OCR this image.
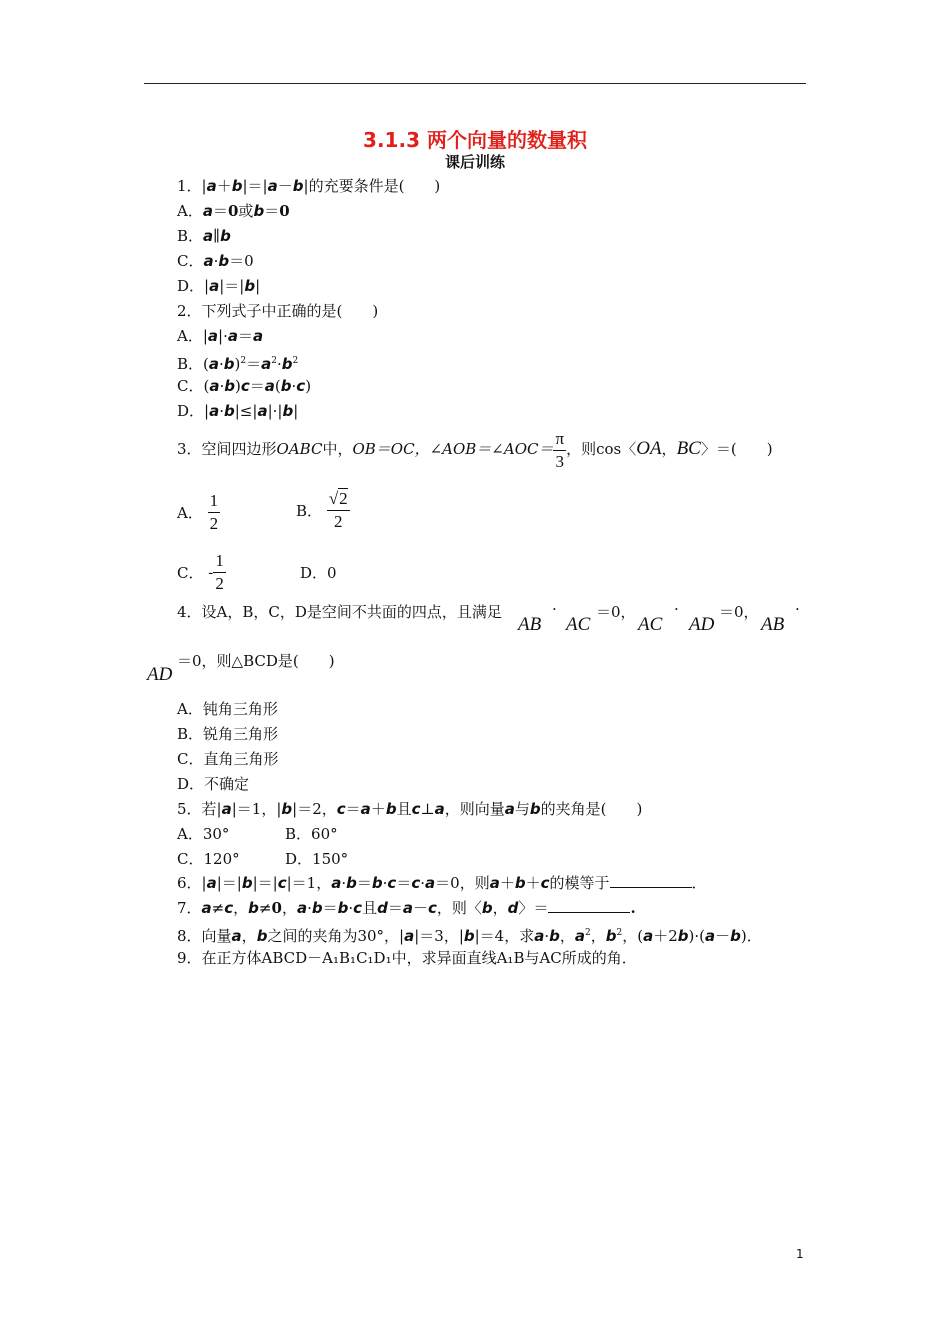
3.1.3 两个向量的数量积
课后训练
1．|a＋b|＝|a－b|的充要条件是(　　)
A．a＝0或b＝0
B．a∥b
C．a·b＝0
D．|a|＝|b|
2．下列式子中正确的是(　　)
A．|a|·a＝a
B．$(a\cdot b)^2=a^2\cdot b^2$
C．(a·b)c＝a(b·c)
D．|a·b|≤|a|·|b|
3．空间四边形OABC中，OB＝OC，∠AOB＝∠AOC＝ $\frac{\pi}{3}$ ，则cos〈OA，BC〉＝(　　)
A． $\frac{1}{2}$	B． $\frac{√2}{2}$
C． - $\frac{1}{2}$	D．0
4．设A，B，C，D是空间不共面的四点，且满足
AB
·
AC
＝0，
AC
·
AD
＝0，
AB
·
＝0，则△BCD是(　　)
AD
A．钝角三角形
B．锐角三角形
C．直角三角形
D．不确定
5．若|a|＝1，|b|＝2，c＝a＋b且c⊥a，则向量a与b的夹角是(　　)
A．30°	B．60°
C．120°	D．150°
6．|a|＝|b|＝|c|＝1，a·b＝b·c＝c·a＝0，则a＋b＋c的模等于	．
7．a≠c，b≠0，a·b＝b·c且d＝a－c，则〈b，d〉＝	.
8．向量a，b之间的夹角为30°，|a|＝3，|b|＝4，求a·b，$a^2$，$b^2$，(a＋2b)·(a－b)．
9．在正方体ABCD－A₁B₁C₁D₁中，求异面直线A₁B与AC所成的角．
1
